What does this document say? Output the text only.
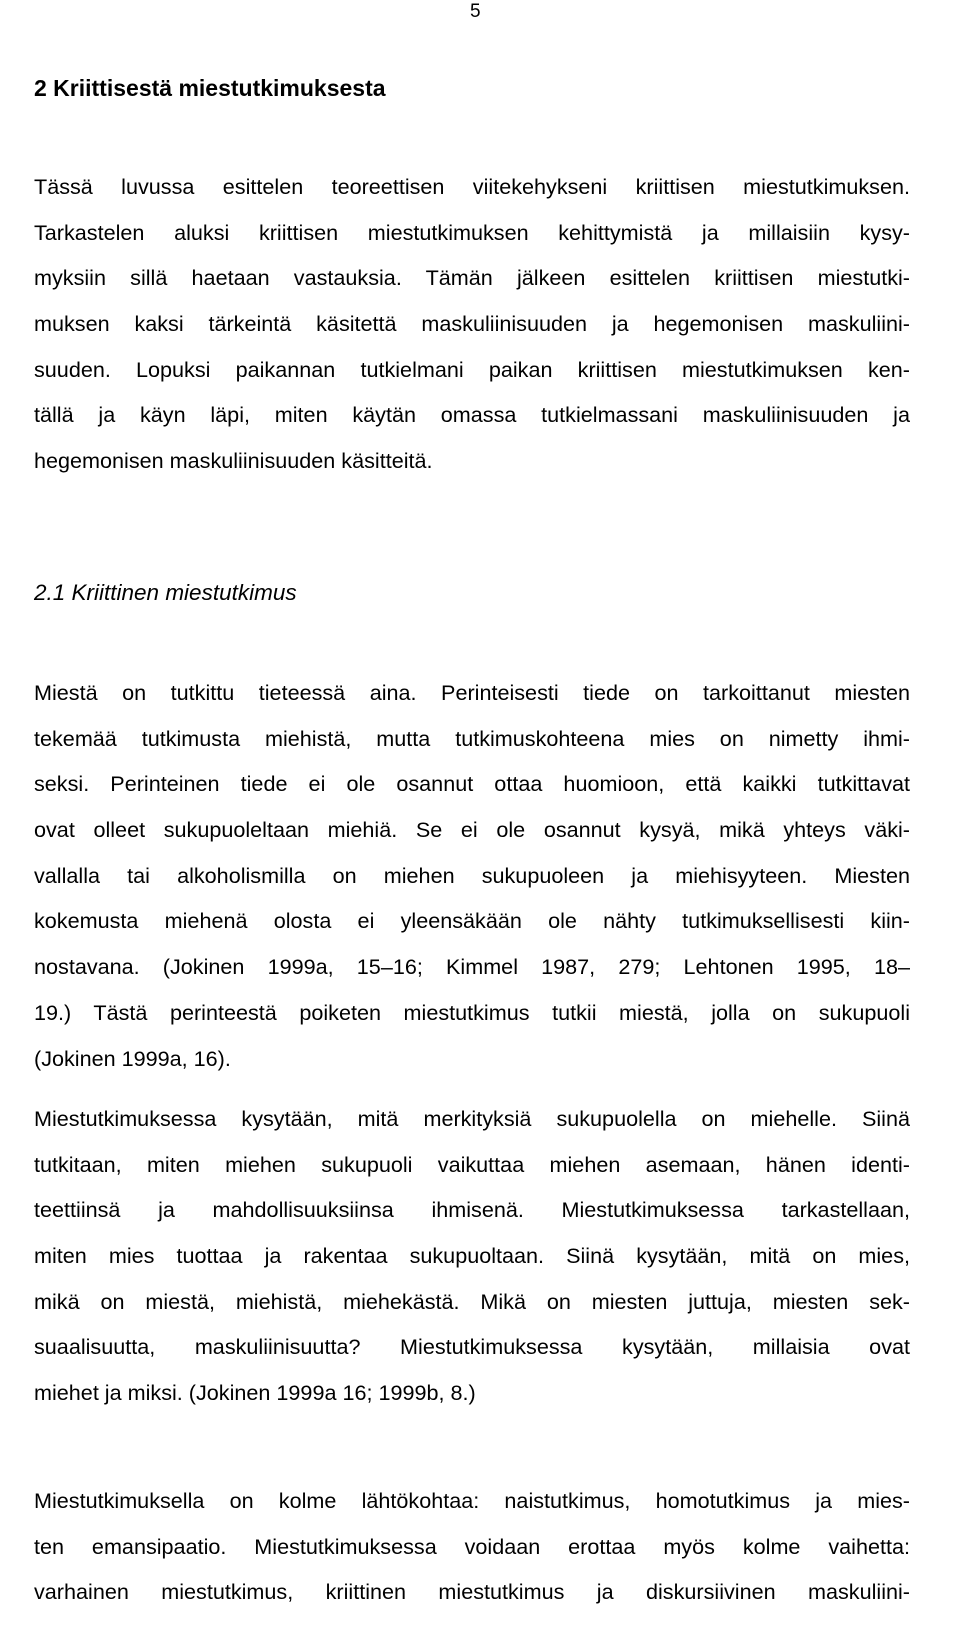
5
2 Kriittisestä miestutkimuksesta
Tässä luvussa esittelen teoreettisen viitekehykseni kriittisen miestutkimuksen.
Tarkastelen aluksi kriittisen miestutkimuksen kehittymistä ja millaisiin kysy-
myksiin sillä haetaan vastauksia. Tämän jälkeen esittelen kriittisen miestutki-
muksen kaksi tärkeintä käsitettä maskuliinisuuden ja hegemonisen maskuliini-
suuden. Lopuksi paikannan tutkielmani paikan kriittisen miestutkimuksen ken-
tällä ja käyn läpi, miten käytän omassa tutkielmassani maskuliinisuuden ja
hegemonisen maskuliinisuuden käsitteitä.
2.1 Kriittinen miestutkimus
Miestä on tutkittu tieteessä aina. Perinteisesti tiede on tarkoittanut miesten
tekemää tutkimusta miehistä, mutta tutkimuskohteena mies on nimetty ihmi-
seksi. Perinteinen tiede ei ole osannut ottaa huomioon, että kaikki tutkittavat
ovat olleet sukupuoleltaan miehiä. Se ei ole osannut kysyä, mikä yhteys väki-
vallalla tai alkoholismilla on miehen sukupuoleen ja miehisyyteen. Miesten
kokemusta miehenä olosta ei yleensäkään ole nähty tutkimuksellisesti kiin-
nostavana. (Jokinen 1999a, 15–16; Kimmel 1987, 279; Lehtonen 1995, 18–
19.) Tästä perinteestä poiketen miestutkimus tutkii miestä, jolla on sukupuoli
(Jokinen 1999a, 16).
Miestutkimuksessa kysytään, mitä merkityksiä sukupuolella on miehelle. Siinä
tutkitaan, miten miehen sukupuoli vaikuttaa miehen asemaan, hänen identi-
teettiinsä ja mahdollisuuksiinsa ihmisenä. Miestutkimuksessa tarkastellaan,
miten mies tuottaa ja rakentaa sukupuoltaan. Siinä kysytään, mitä on mies,
mikä on miestä, miehistä, miehekästä. Mikä on miesten juttuja, miesten sek-
suaalisuutta, maskuliinisuutta? Miestutkimuksessa kysytään, millaisia ovat
miehet ja miksi. (Jokinen 1999a 16; 1999b, 8.)
Miestutkimuksella on kolme lähtökohtaa: naistutkimus, homotutkimus ja mies-
ten emansipaatio. Miestutkimuksessa voidaan erottaa myös kolme vaihetta:
varhainen miestutkimus, kriittinen miestutkimus ja diskursiivinen maskuliini-
